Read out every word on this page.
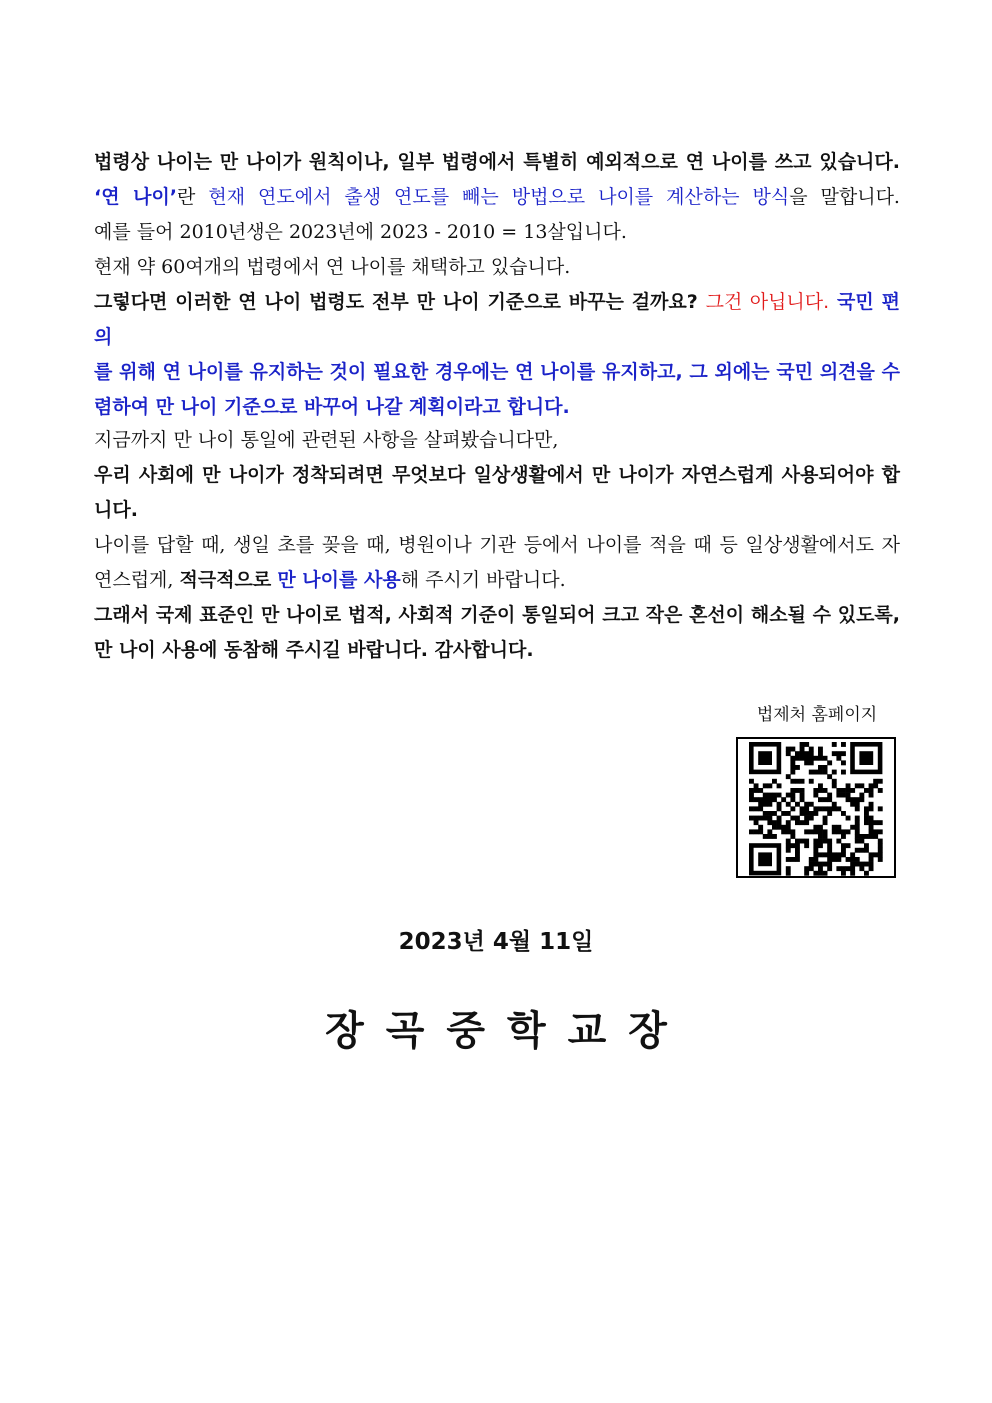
법령상 나이는 만 나이가 원칙이나, 일부 법령에서 특별히 예외적으로 연 나이를 쓰고 있습니다.
‘연 나이’란 현재 연도에서 출생 연도를 빼는 방법으로 나이를 계산하는 방식을 말합니다.
예를 들어 2010년생은 2023년에 2023 - 2010 = 13살입니다.
현재 약 60여개의 법령에서 연 나이를 채택하고 있습니다.
그렇다면 이러한 연 나이 법령도 전부 만 나이 기준으로 바꾸는 걸까요? 그건 아닙니다. 국민 편의
를 위해 연 나이를 유지하는 것이 필요한 경우에는 연 나이를 유지하고, 그 외에는 국민 의견을 수
렴하여 만 나이 기준으로 바꾸어 나갈 계획이라고 합니다.
지금까지 만 나이 통일에 관련된 사항을 살펴봤습니다만,
우리 사회에 만 나이가 정착되려면 무엇보다 일상생활에서 만 나이가 자연스럽게 사용되어야 합
니다.
나이를 답할 때, 생일 초를 꽂을 때, 병원이나 기관 등에서 나이를 적을 때 등 일상생활에서도 자
연스럽게, 적극적으로 만 나이를 사용해 주시기 바랍니다.
그래서 국제 표준인 만 나이로 법적, 사회적 기준이 통일되어 크고 작은 혼선이 해소될 수 있도록,
만 나이 사용에 동참해 주시길 바랍니다. 감사합니다.
법제처 홈페이지
2023년 4월 11일
장곡중학교장
